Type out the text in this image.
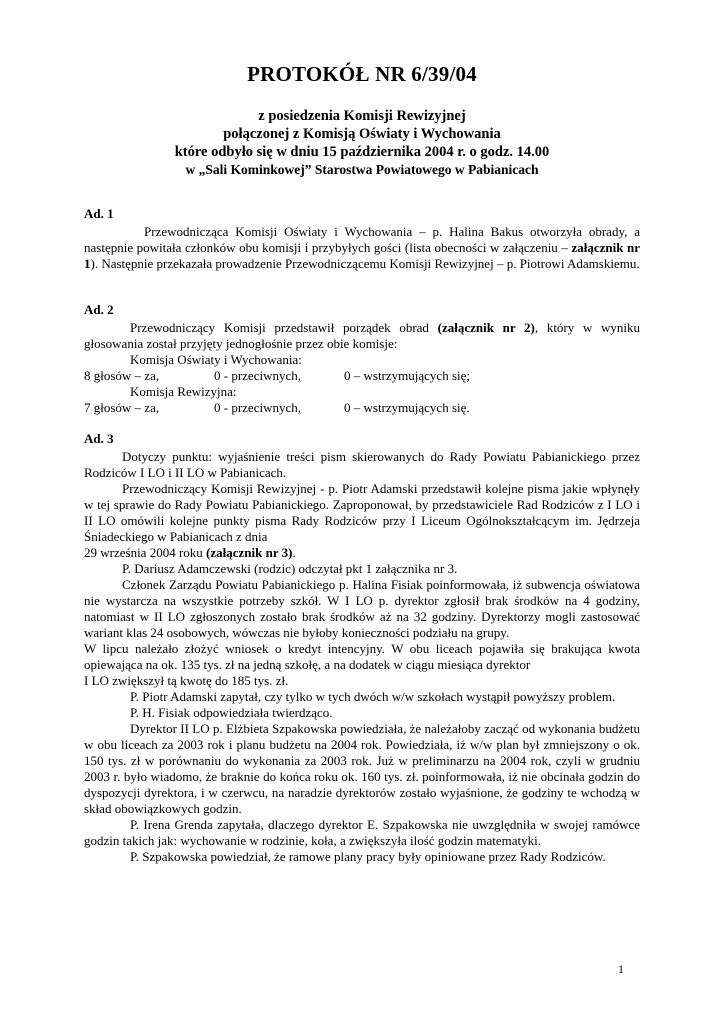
PROTOKÓŁ NR 6/39/04
z posiedzenia Komisji Rewizyjnej
połączonej z Komisją Oświaty i Wychowania
które odbyło się w dniu 15 października 2004 r. o godz. 14.00
w „Sali Kominkowej” Starostwa Powiatowego w Pabianicach

Ad. 1

Przewodnicząca Komisji Oświaty i Wychowania – p. Halina Bakus otworzyła obrady, a następnie powitała członków obu komisji i przybyłych gości (lista obecności w załączeniu – załącznik nr 1). Następnie przekazała prowadzenie Przewodniczącemu Komisji Rewizyjnej – p. Piotrowi Adamskiemu.

Ad. 2

Przewodniczący Komisji przedstawił porządek obrad (załącznik nr 2), który w wyniku głosowania został przyjęty jednogłośnie przez obie komisje:

Komisja Oświaty i Wychowania:
8 głosów – za,	0 - przeciwnych,	0 – wstrzymujących się;
Komisja Rewizyjna:
7 głosów – za,	0 - przeciwnych,	0 – wstrzymujących się.

Ad. 3

Dotyczy punktu: wyjaśnienie treści pism skierowanych do Rady Powiatu Pabianickiego przez Rodziców I LO i II LO w Pabianicach.

Przewodniczący Komisji Rewizyjnej - p. Piotr Adamski przedstawił kolejne pisma jakie wpłynęły w tej sprawie do Rady Powiatu Pabianickiego. Zaproponował, by przedstawiciele Rad Rodziców z I LO i II LO omówili kolejne punkty pisma Rady Rodziców przy I Liceum Ogólnokształcącym im. Jędrzeja Śniadeckiego w Pabianicach z dnia
29 września 2004 roku (załącznik nr 3).

P. Dariusz Adamczewski (rodzic) odczytał pkt 1 załącznika nr 3.

Członek Zarządu Powiatu Pabianickiego p. Halina Fisiak poinformowała, iż subwencja oświatowa nie wystarcza na wszystkie potrzeby szkół. W I LO p. dyrektor zgłosił brak środków na 4 godziny, natomiast w II LO zgłoszonych zostało brak środków aż na 32 godziny. Dyrektorzy mogli zastosować wariant klas 24 osobowych, wówczas nie byłoby konieczności podziału na grupy.

W lipcu należało złożyć wniosek o kredyt intencyjny. W obu liceach pojawiła się brakująca kwota opiewająca na ok. 135 tys. zł na jedną szkołę, a na dodatek w ciągu miesiąca dyrektor
I LO zwiększył tą kwotę do 185 tys. zł.

P. Piotr Adamski zapytał, czy tylko w tych dwóch w/w szkołach wystąpił powyższy problem.

P. H. Fisiak odpowiedziała twierdząco.

Dyrektor II LO p. Elżbieta Szpakowska powiedziała, że należałoby zacząć od wykonania budżetu w obu liceach za 2003 rok i planu budżetu na 2004 rok. Powiedziała, iż w/w plan był zmniejszony o ok. 150 tys. zł w porównaniu do wykonania za 2003 rok. Już w preliminarzu na 2004 rok, czyli w grudniu 2003 r. było wiadomo, że braknie do końca roku ok. 160 tys. zł. poinformowała, iż nie obcinała godzin do dyspozycji dyrektora, i w czerwcu, na naradzie dyrektorów zostało wyjaśnione, że godziny te wchodzą w skład obowiązkowych godzin.

P. Irena Grenda zapytała, dlaczego dyrektor E. Szpakowska nie uwzględniła w swojej ramówce godzin takich jak: wychowanie w rodzinie, koła, a zwiększyła ilość godzin matematyki.

P. Szpakowska powiedział, że ramowe plany pracy były opiniowane przez Rady Rodziców.

1
